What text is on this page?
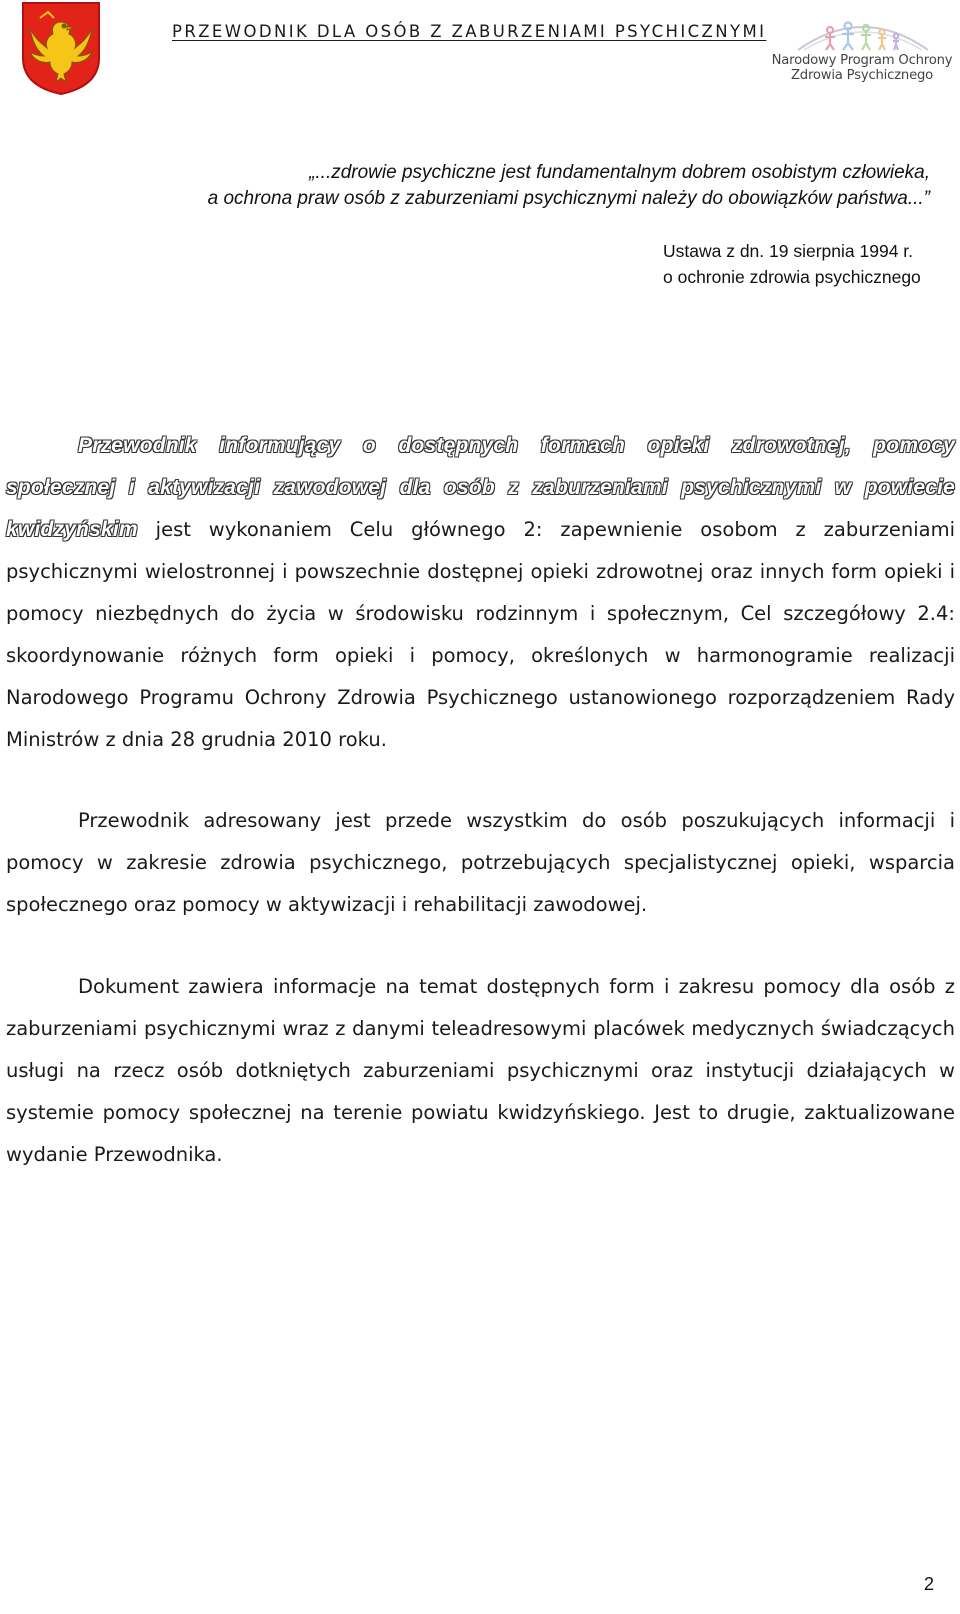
PRZEWODNIK DLA OSÓB Z ZABURZENIAMI PSYCHICZNYMI
Narodowy Program Ochrony
Zdrowia Psychicznego
„...zdrowie psychiczne jest fundamentalnym dobrem osobistym człowieka,
a ochrona praw osób z zaburzeniami psychicznymi należy do obowiązków państwa...”
Ustawa z dn. 19 sierpnia 1994 r.
o ochronie zdrowia psychicznego
Przewodnik informujący o dostępnych formach opieki zdrowotnej, pomocy społecznej i aktywizacji zawodowej dla osób z zaburzeniami psychicznymi w powiecie kwidzyńskim jest wykonaniem Celu głównego 2: zapewnienie osobom z zaburzeniami psychicznymi wielostronnej i powszechnie dostępnej opieki zdrowotnej oraz innych form opieki i pomocy niezbędnych do życia w środowisku rodzinnym i społecznym, Cel szczegółowy 2.4: skoordynowanie różnych form opieki i pomocy, określonych w harmonogramie realizacji Narodowego Programu Ochrony Zdrowia Psychicznego ustanowionego rozporządzeniem Rady Ministrów z dnia 28 grudnia 2010 roku.
Przewodnik adresowany jest przede wszystkim do osób poszukujących informacji i pomocy w zakresie zdrowia psychicznego, potrzebujących specjalistycznej opieki, wsparcia społecznego oraz pomocy w aktywizacji i rehabilitacji zawodowej.
Dokument zawiera informacje na temat dostępnych form i zakresu pomocy dla osób z zaburzeniami psychicznymi wraz z danymi teleadresowymi placówek medycznych świadczących usługi na rzecz osób dotkniętych zaburzeniami psychicznymi oraz instytucji działających w systemie pomocy społecznej na terenie powiatu kwidzyńskiego. Jest to drugie, zaktualizowane wydanie Przewodnika.
2
